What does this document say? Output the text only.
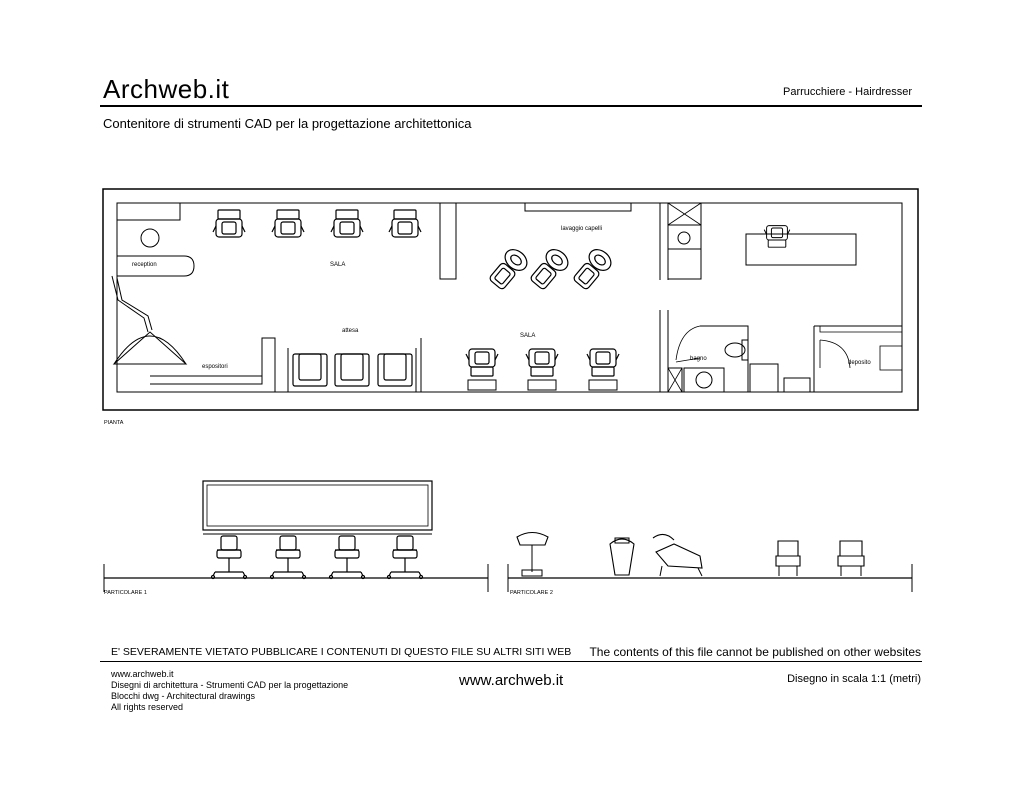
Archweb.it	Parrucchiere - Hairdresser
Contenitore di strumenti CAD per la progettazione architettonica
reception	SALA
attesa
espositori
lavaggio capelli
SALA
bagno
deposito
PIANTA
PARTICOLARE 1	PARTICOLARE 2
E' SEVERAMENTE VIETATO PUBBLICARE I CONTENUTI DI QUESTO FILE SU ALTRI SITI WEB The contents of this file cannot be published on other websites
www.archweb.it
Disegni di architettura - Strumenti CAD per la progettazione
Blocchi dwg - Architectural drawings
All rights reserved
www.archweb.it	Disegno in scala 1:1 (metri)
